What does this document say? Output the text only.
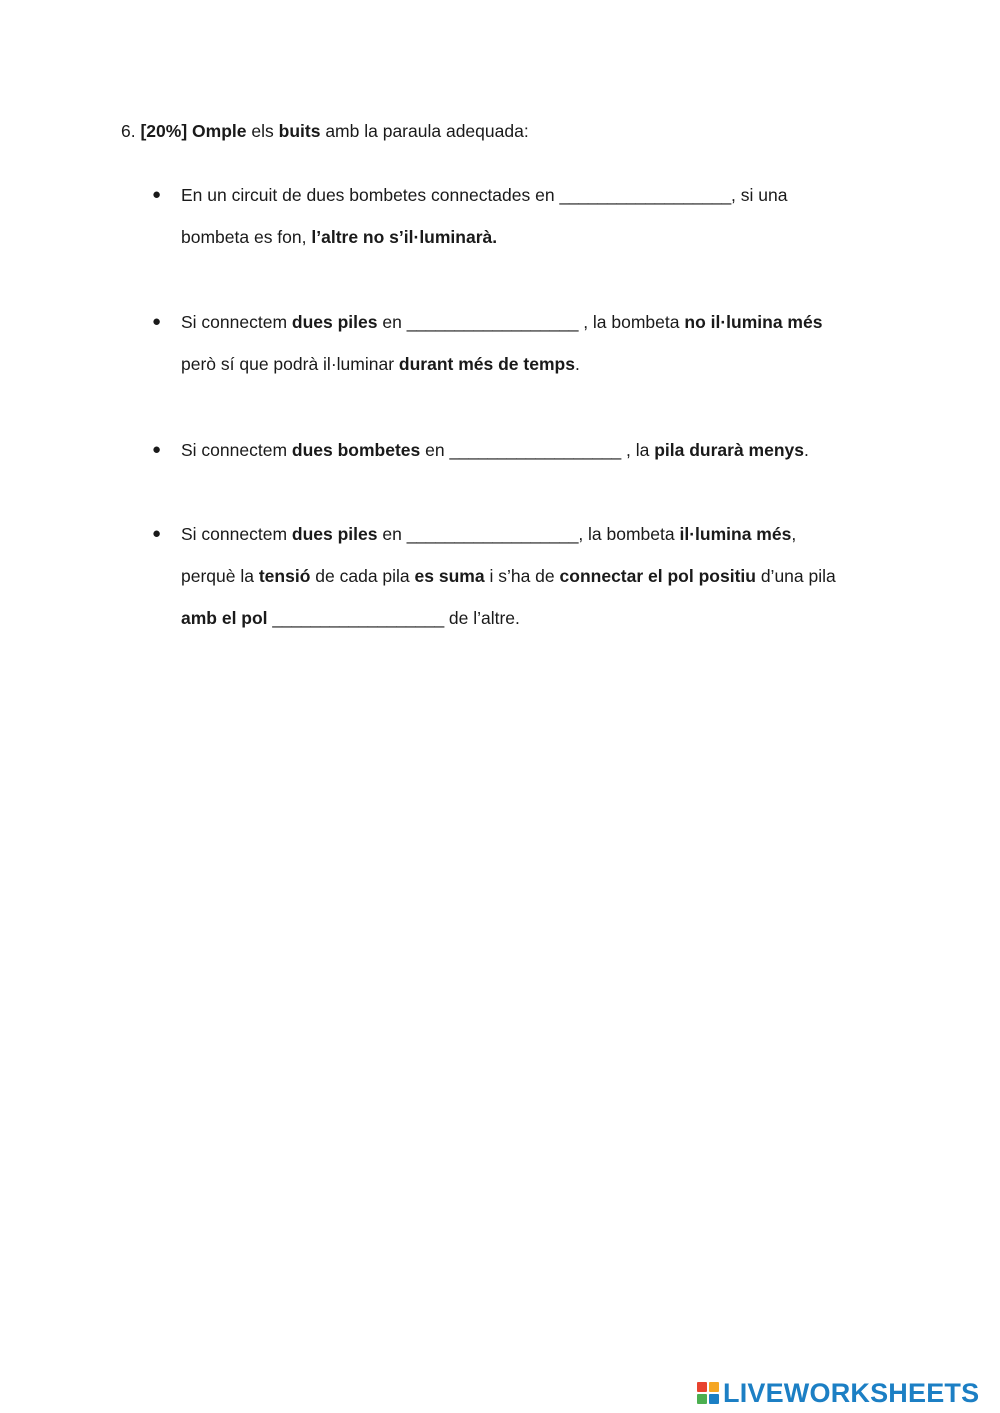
6. [20%] Omple els buits amb la paraula adequada:
● En un circuit de dues bombetes connectades en __________________, si una
bombeta es fon, l’altre no s’il·luminarà.
● Si connectem dues piles en __________________ , la bombeta no il·lumina més
però sí que podrà il·luminar durant més de temps.
● Si connectem dues bombetes en __________________ , la pila durarà menys.
● Si connectem dues piles en __________________, la bombeta il·lumina més,
perquè la tensió de cada pila es suma i s’ha de connectar el pol positiu d’una pila
amb el pol __________________ de l’altre.
LIVEWORKSHEETS
